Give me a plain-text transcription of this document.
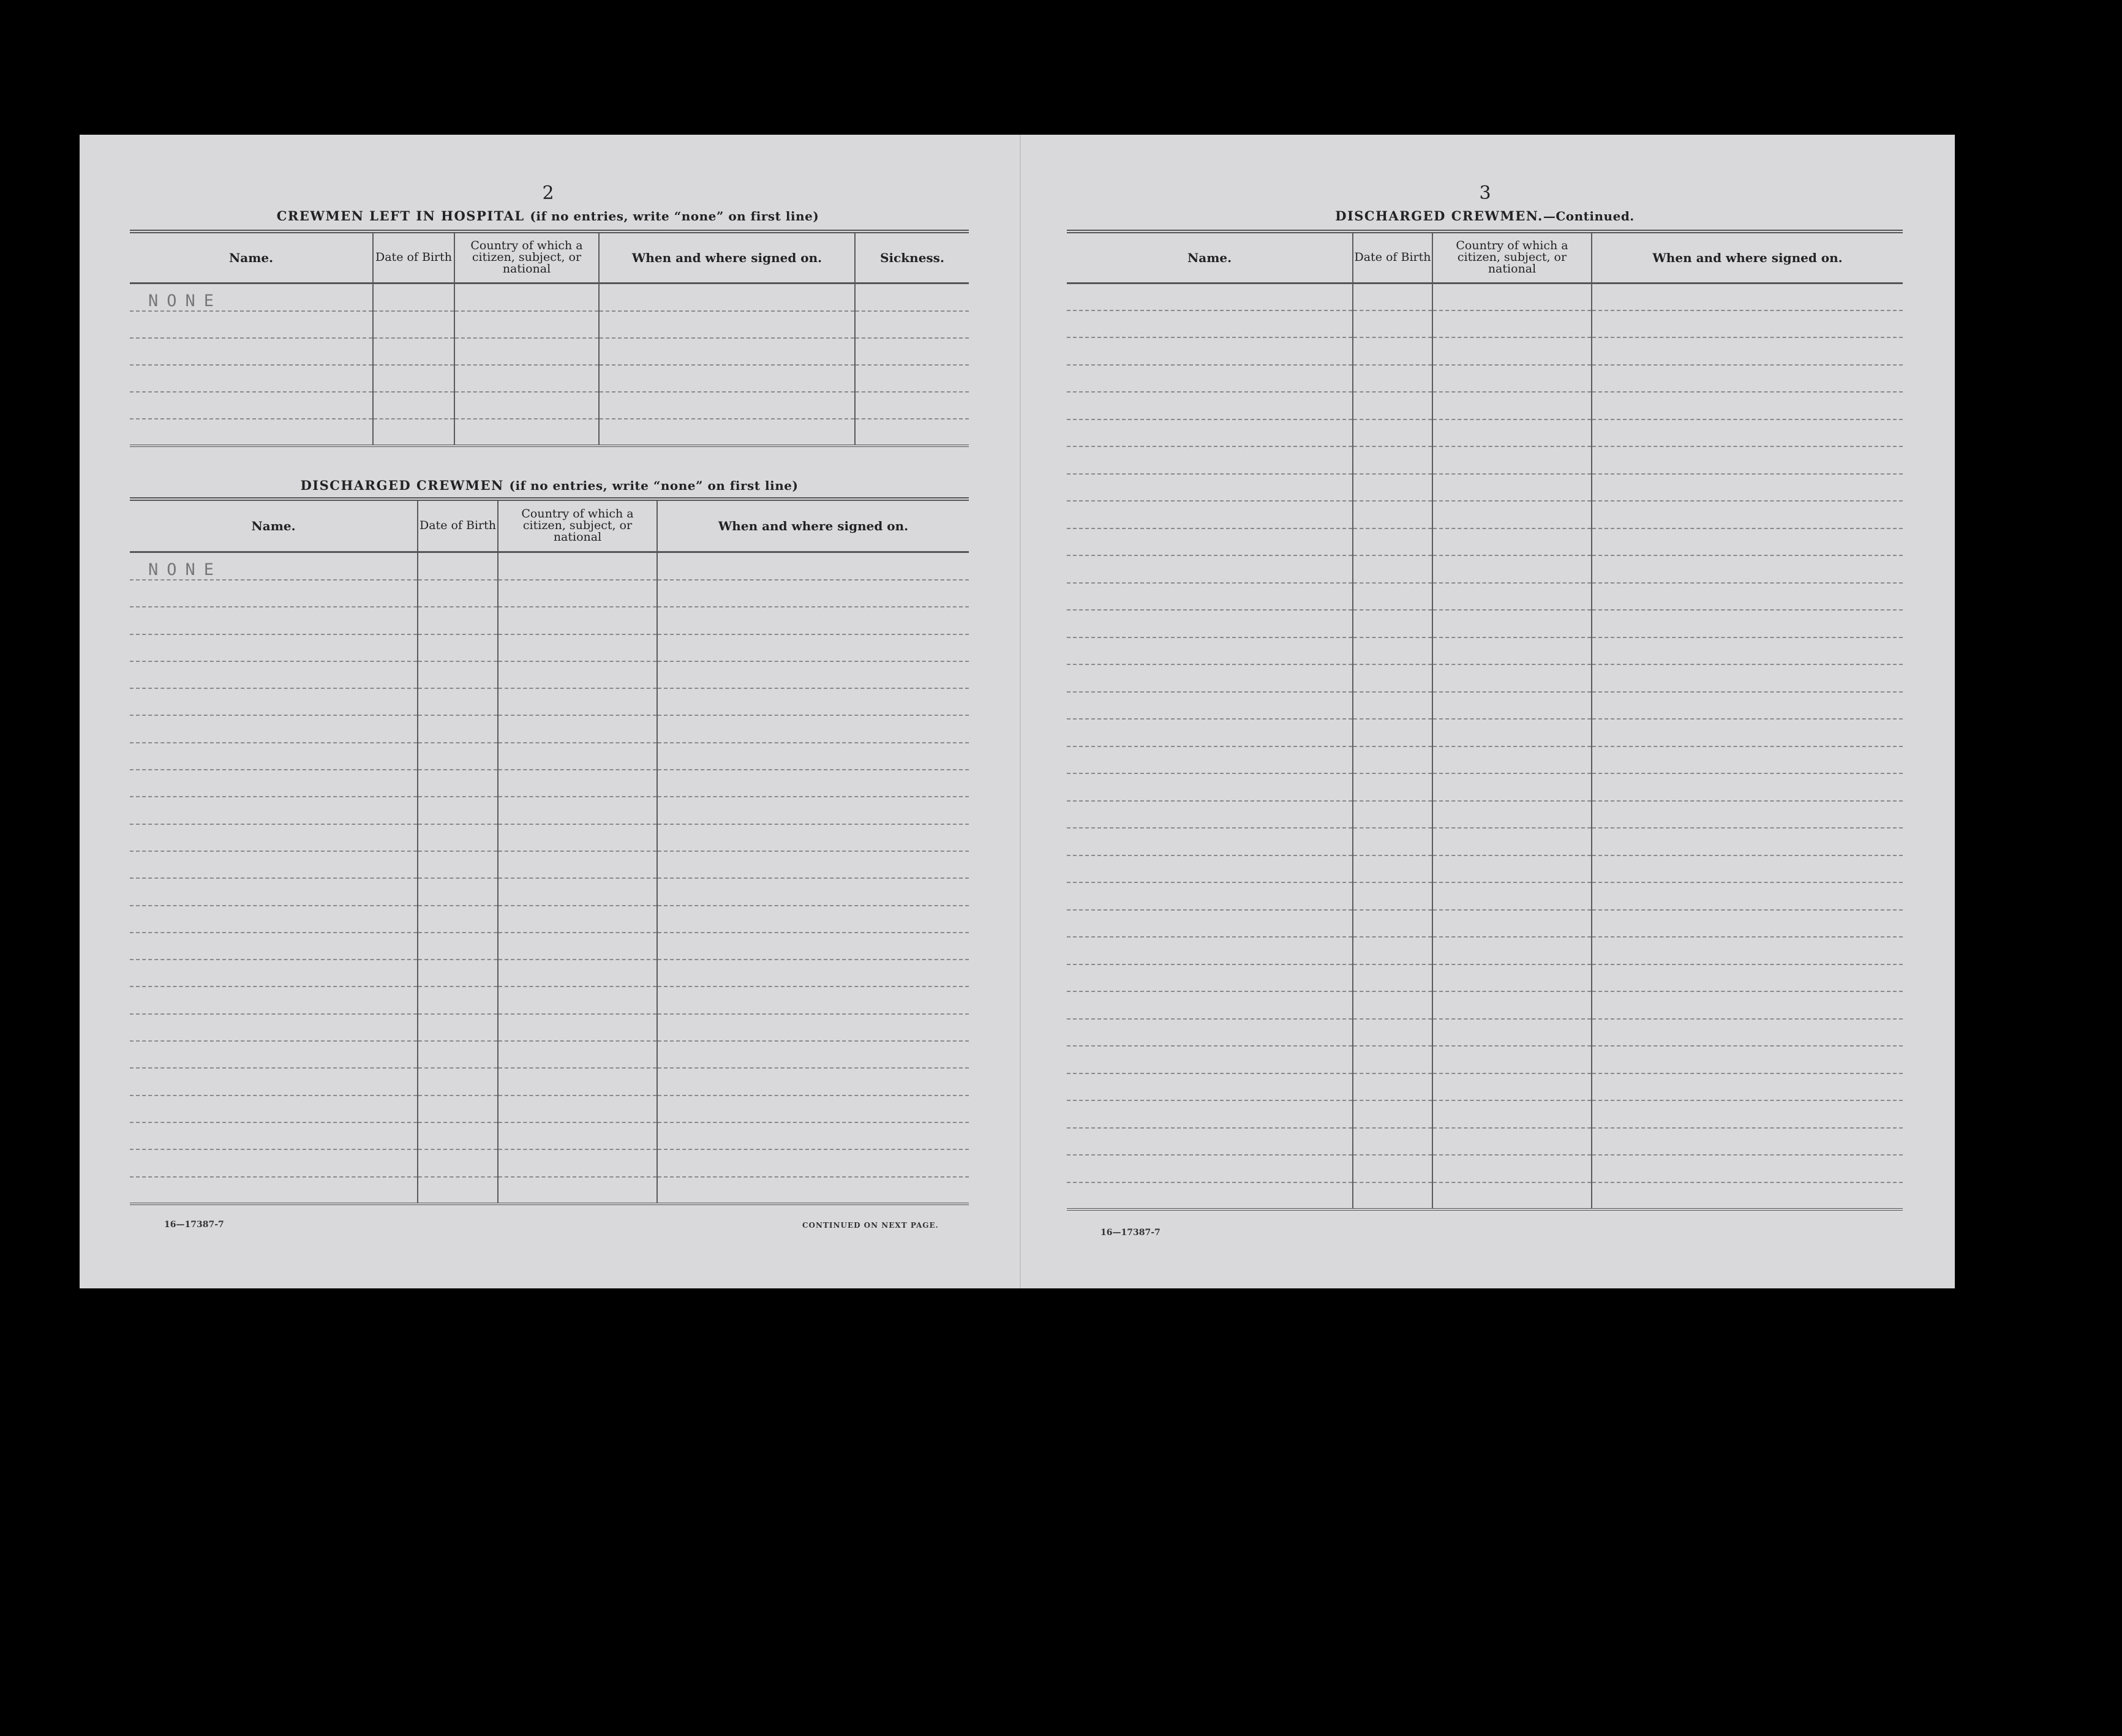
2
CREWMEN LEFT IN HOSPITAL (if no entries, write “none” on first line)
Name.	Date of Birth	Country of which a citizen, subject, or national	When and where signed on.	Sickness.

NONE				

DISCHARGED CREWMEN (if no entries, write “none” on first line)
Name.	Date of Birth	Country of which a citizen, subject, or national	When and where signed on.

NONE			

16—17387-7	CONTINUED ON NEXT PAGE.
3
DISCHARGED CREWMEN.—Continued.
Name.	Date of Birth	Country of which a citizen, subject, or national	When and where signed on.

16—17387-7
